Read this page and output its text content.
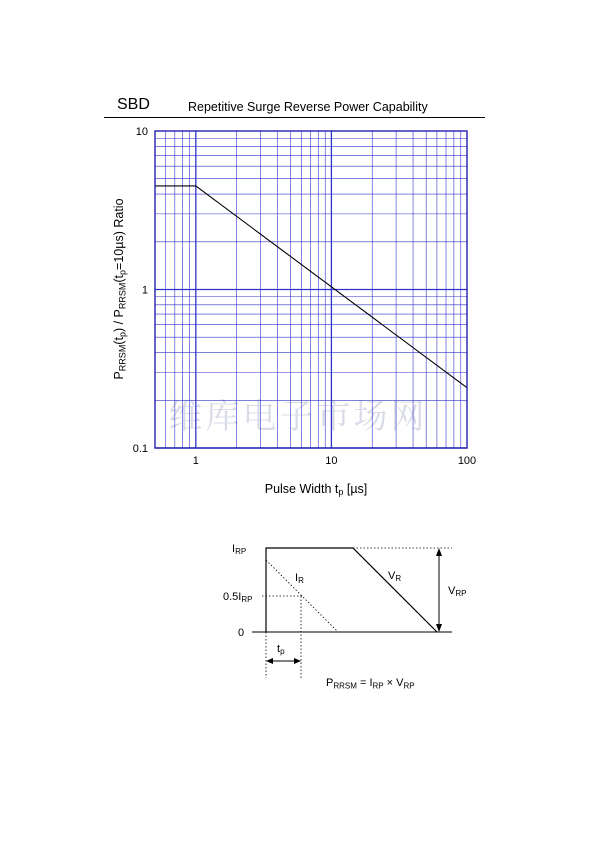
SBD	Repetitive Surge Reverse Power Capability
维库电子市场网
1	10	100
0.1
1
10
Pulse Width tp [µs]
$P_{RRSM}(t_p) / P_{RRSM}(t_p=10\mu s)$ Ratio
IRP
0.5IRP
0
IR	VR
VRP
tp
$P_{RRSM} = I_{RP} \times V_{RP}$
